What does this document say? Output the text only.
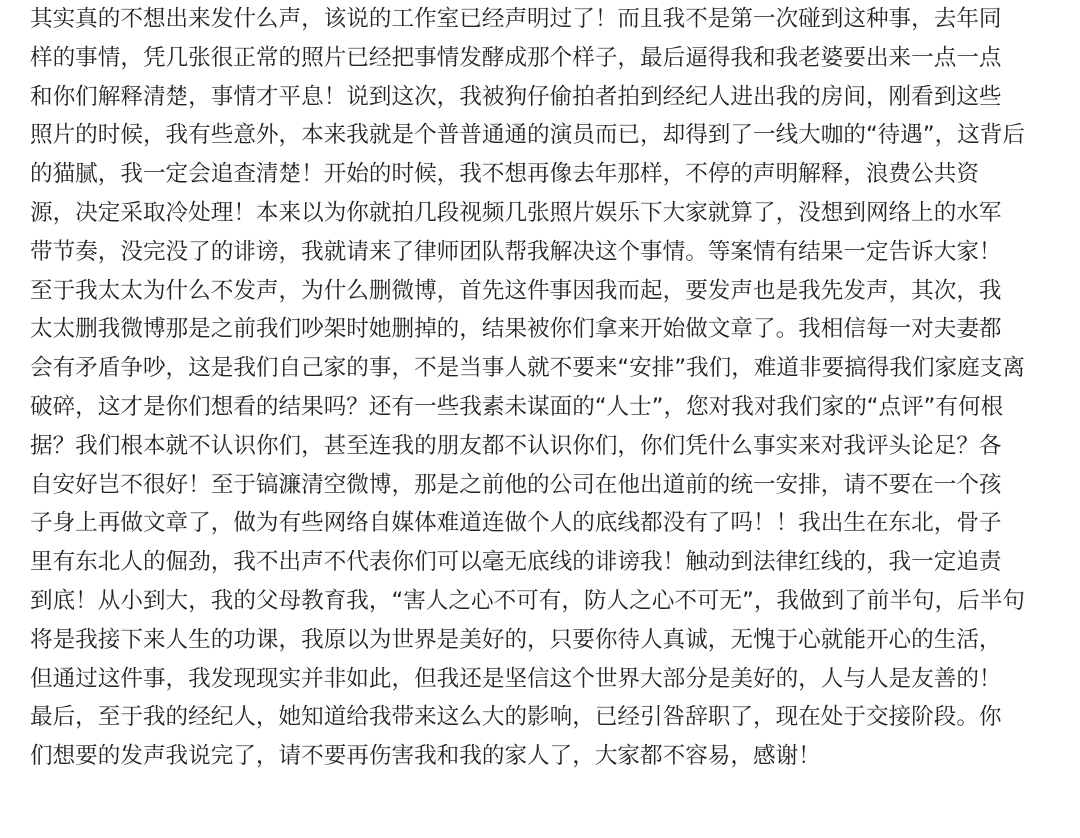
其实真的不想出来发什么声，该说的工作室已经声明过了！而且我不是第一次碰到这种事，去年同
样的事情，凭几张很正常的照片已经把事情发酵成那个样子，最后逼得我和我老婆要出来一点一点
和你们解释清楚，事情才平息！说到这次，我被狗仔偷拍者拍到经纪人进出我的房间，刚看到这些
照片的时候，我有些意外，本来我就是个普普通通的演员而已，却得到了一线大咖的“待遇”，这背后
的猫腻，我一定会追查清楚！开始的时候，我不想再像去年那样，不停的声明解释，浪费公共资
源，决定采取冷处理！本来以为你就拍几段视频几张照片娱乐下大家就算了，没想到网络上的水军
带节奏，没完没了的诽谤，我就请来了律师团队帮我解决这个事情。等案情有结果一定告诉大家！
至于我太太为什么不发声，为什么删微博，首先这件事因我而起，要发声也是我先发声，其次，我
太太删我微博那是之前我们吵架时她删掉的，结果被你们拿来开始做文章了。我相信每一对夫妻都
会有矛盾争吵，这是我们自己家的事，不是当事人就不要来“安排”我们，难道非要搞得我们家庭支离
破碎，这才是你们想看的结果吗？还有一些我素未谋面的“人士”，您对我对我们家的“点评”有何根
据？我们根本就不认识你们，甚至连我的朋友都不认识你们，你们凭什么事实来对我评头论足？各
自安好岂不很好！至于镐濂清空微博，那是之前他的公司在他出道前的统一安排，请不要在一个孩
子身上再做文章了，做为有些网络自媒体难道连做个人的底线都没有了吗！！我出生在东北，骨子
里有东北人的倔劲，我不出声不代表你们可以毫无底线的诽谤我！触动到法律红线的，我一定追责
到底！从小到大，我的父母教育我，“害人之心不可有，防人之心不可无”，我做到了前半句，后半句
将是我接下来人生的功课，我原以为世界是美好的，只要你待人真诚，无愧于心就能开心的生活，
但通过这件事，我发现现实并非如此，但我还是坚信这个世界大部分是美好的，人与人是友善的！
最后，至于我的经纪人，她知道给我带来这么大的影响，已经引咎辞职了，现在处于交接阶段。你
们想要的发声我说完了，请不要再伤害我和我的家人了，大家都不容易，感谢！
